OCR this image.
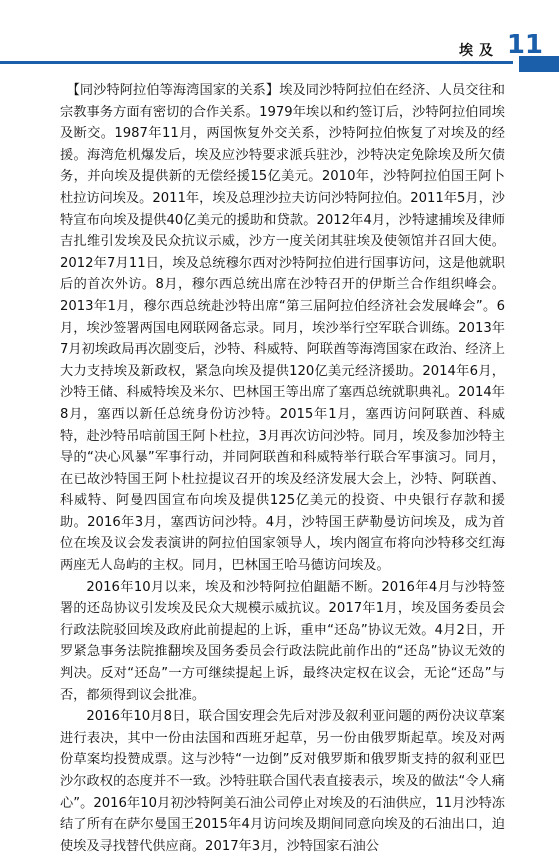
埃及 11

【同沙特阿拉伯等海湾国家的关系】埃及同沙特阿拉伯在经济、人员交往和宗教事务方面有密切的合作关系。1979年埃以和约签订后，沙特阿拉伯同埃及断交。1987年11月，两国恢复外交关系，沙特阿拉伯恢复了对埃及的经援。海湾危机爆发后，埃及应沙特要求派兵驻沙，沙特决定免除埃及所欠债务，并向埃及提供新的无偿经援15亿美元。2010年，沙特阿拉伯国王阿卜杜拉访问埃及。2011年，埃及总理沙拉夫访问沙特阿拉伯。2011年5月，沙特宣布向埃及提供40亿美元的援助和贷款。2012年4月，沙特逮捕埃及律师吉扎维引发埃及民众抗议示威，沙方一度关闭其驻埃及使领馆并召回大使。2012年7月11日，埃及总统穆尔西对沙特阿拉伯进行国事访问，这是他就职后的首次外访。8月，穆尔西总统出席在沙特召开的伊斯兰合作组织峰会。2013年1月，穆尔西总统赴沙特出席“第三届阿拉伯经济社会发展峰会”。6月，埃沙签署两国电网联网备忘录。同月，埃沙举行空军联合训练。2013年7月初埃政局再次剧变后，沙特、科威特、阿联酋等海湾国家在政治、经济上大力支持埃及新政权，紧急向埃及提供120亿美元经济援助。2014年6月，沙特王储、科威特埃及米尔、巴林国王等出席了塞西总统就职典礼。2014年8月，塞西以新任总统身份访沙特。2015年1月，塞西访问阿联酋、科威特，赴沙特吊唁前国王阿卜杜拉，3月再次访问沙特。同月，埃及参加沙特主导的“决心风暴”军事行动，并同阿联酋和科威特举行联合军事演习。同月，在已故沙特国王阿卜杜拉提议召开的埃及经济发展大会上，沙特、阿联酋、科威特、阿曼四国宣布向埃及提供125亿美元的投资、中央银行存款和援助。2016年3月，塞西访问沙特。4月，沙特国王萨勒曼访问埃及，成为首位在埃及议会发表演讲的阿拉伯国家领导人，埃内阁宣布将向沙特移交红海两座无人岛屿的主权。同月，巴林国王哈马德访问埃及。

2016年10月以来，埃及和沙特阿拉伯龃龉不断。2016年4月与沙特签署的还岛协议引发埃及民众大规模示威抗议。2017年1月，埃及国务委员会行政法院驳回埃及政府此前提起的上诉，重申“还岛”协议无效。4月2日，开罗紧急事务法院推翻埃及国务委员会行政法院此前作出的“还岛”协议无效的判决。反对“还岛”一方可继续提起上诉，最终决定权在议会，无论“还岛”与否，都须得到议会批准。

2016年10月8日，联合国安理会先后对涉及叙利亚问题的两份决议草案进行表决，其中一份由法国和西班牙起草，另一份由俄罗斯起草。埃及对两份草案均投赞成票。这与沙特“一边倒”反对俄罗斯和俄罗斯支持的叙利亚巴沙尔政权的态度并不一致。沙特驻联合国代表直接表示，埃及的做法“令人痛心”。2016年10月初沙特阿美石油公司停止对埃及的石油供应，11月沙特冻结了所有在萨尔曼国王2015年4月访问埃及期间同意向埃及的石油出口，迫使埃及寻找替代供应商。2017年3月，沙特国家石油公
